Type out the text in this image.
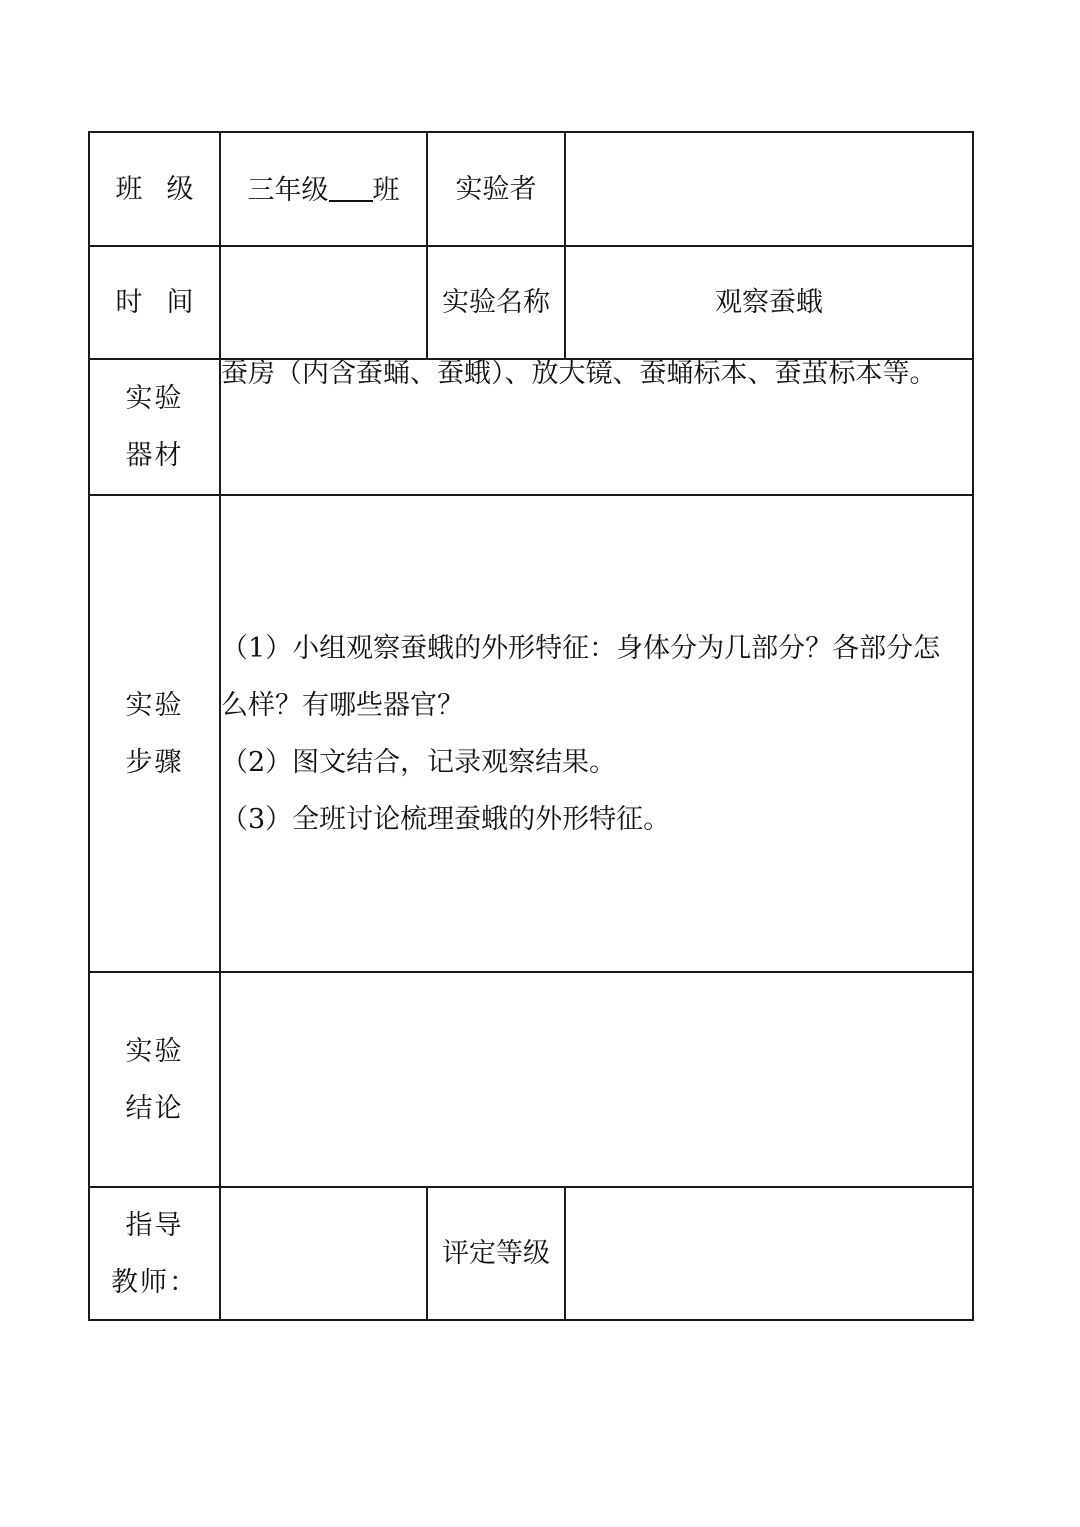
班级	三年级 班	实验者	
时间		实验名称	观察蚕蛾

实验
器材	蚕房（内含蚕蛹、蚕蛾）、放大镜、蚕蛹标本、蚕茧标本等。		

实验
步骤	（1）小组观察蚕蛾的外形特征：身体分为几部分？各部分怎
么样？有哪些器官？
（2）图文结合，记录观察结果。
（3）全班讨论梳理蚕蛾的外形特征。		

实验
结论			

指导
教师：		评定等级	
